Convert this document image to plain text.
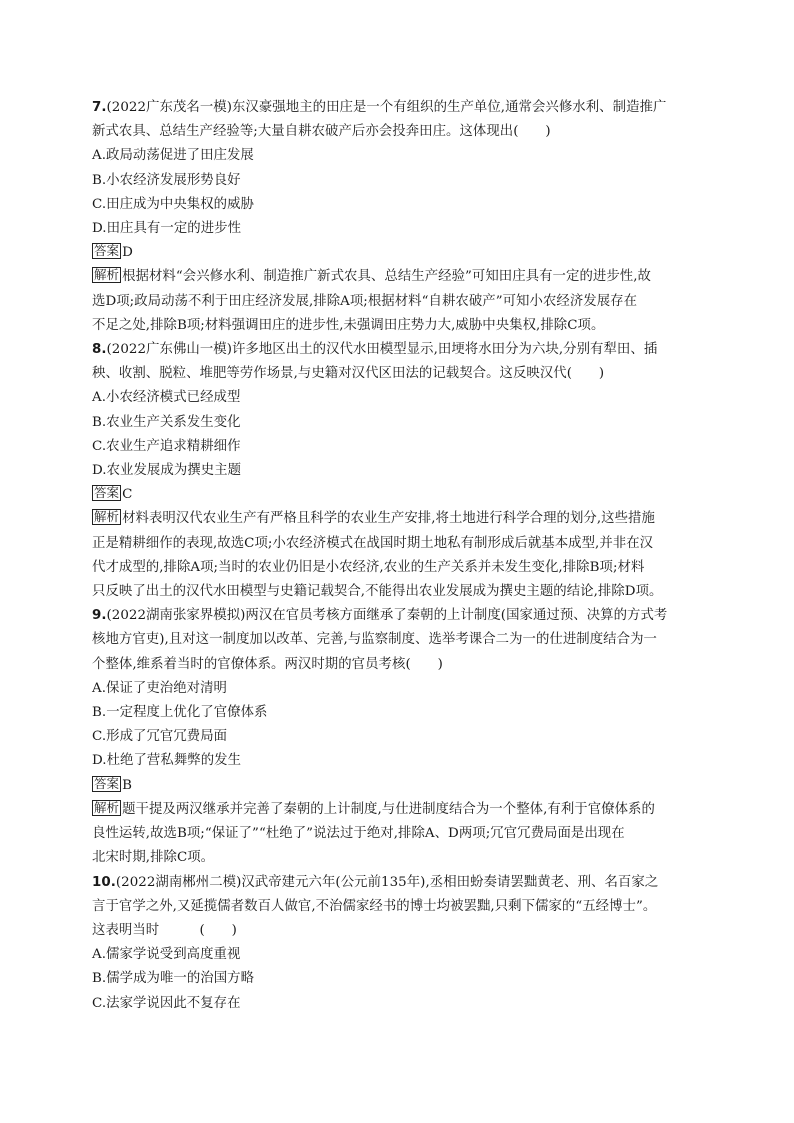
7.(2022广东茂名一模)东汉豪强地主的田庄是一个有组织的生产单位,通常会兴修水利、制造推广
新式农具、总结生产经验等;大量自耕农破产后亦会投奔田庄。这体现出(　　)
A.政局动荡促进了田庄发展
B.小农经济发展形势良好
C.田庄成为中央集权的威胁
D.田庄具有一定的进步性
答案 D
解析 根据材料“会兴修水利、制造推广新式农具、总结生产经验”可知田庄具有一定的进步性,故
选D项;政局动荡不利于田庄经济发展,排除A项;根据材料“自耕农破产”可知小农经济发展存在
不足之处,排除B项;材料强调田庄的进步性,未强调田庄势力大,威胁中央集权,排除C项。
8.(2022广东佛山一模)许多地区出土的汉代水田模型显示,田埂将水田分为六块,分别有犁田、插
秧、收割、脱粒、堆肥等劳作场景,与史籍对汉代区田法的记载契合。这反映汉代(　　)
A.小农经济模式已经成型
B.农业生产关系发生变化
C.农业生产追求精耕细作
D.农业发展成为撰史主题
答案 C
解析 材料表明汉代农业生产有严格且科学的农业生产安排,将土地进行科学合理的划分,这些措施
正是精耕细作的表现,故选C项;小农经济模式在战国时期土地私有制形成后就基本成型,并非在汉
代才成型的,排除A项;当时的农业仍旧是小农经济,农业的生产关系并未发生变化,排除B项;材料
只反映了出土的汉代水田模型与史籍记载契合,不能得出农业发展成为撰史主题的结论,排除D项。
9.(2022湖南张家界模拟)两汉在官员考核方面继承了秦朝的上计制度(国家通过预、决算的方式考
核地方官吏),且对这一制度加以改革、完善,与监察制度、选举考课合二为一的仕进制度结合为一
个整体,维系着当时的官僚体系。两汉时期的官员考核(　　)
A.保证了吏治绝对清明
B.一定程度上优化了官僚体系
C.形成了冗官冗费局面
D.杜绝了营私舞弊的发生
答案 B
解析 题干提及两汉继承并完善了秦朝的上计制度,与仕进制度结合为一个整体,有利于官僚体系的
良性运转,故选B项;“保证了”“杜绝了”说法过于绝对,排除A、D两项;冗官冗费局面是出现在
北宋时期,排除C项。
10.(2022湖南郴州二模)汉武帝建元六年(公元前135年),丞相田蚡奏请罢黜黄老、刑、名百家之
言于官学之外,又延揽儒者数百人做官,不治儒家经书的博士均被罢黜,只剩下儒家的“五经博士”。
这表明当时　　　(　　)
A.儒家学说受到高度重视
B.儒学成为唯一的治国方略
C.法家学说因此不复存在
